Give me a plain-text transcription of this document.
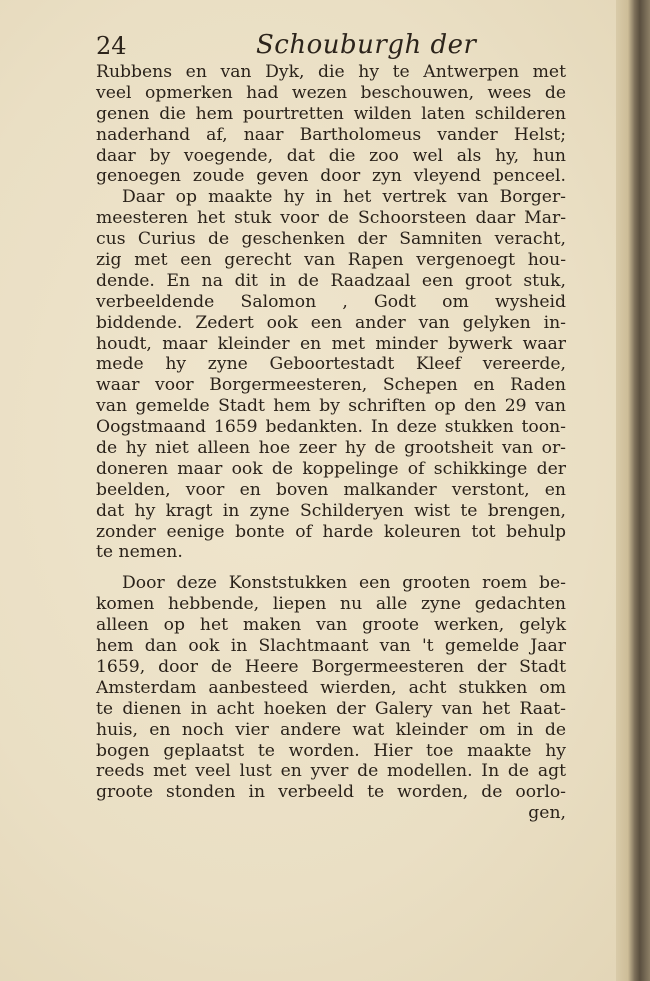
24	Schouburgh der
Rubbens en van Dyk, die hy te Antwerpen met
veel opmerken had wezen beschouwen, wees de
genen die hem pourtretten wilden laten schilderen
naderhand af, naar Bartholomeus vander Helst;
daar by voegende, dat die zoo wel als hy, hun
genoegen zoude geven door zyn vleyend penceel.
Daar op maakte hy in het vertrek van Borger-
meesteren het stuk voor de Schoorsteen daar Mar-
cus Curius de geschenken der Samniten veracht,
zig met een gerecht van Rapen vergenoegt hou-
dende. En na dit in de Raadzaal een groot stuk,
verbeeldende Salomon , Godt om wysheid
biddende. Zedert ook een ander van gelyken in-
houdt, maar kleinder en met minder bywerk waar
mede hy zyne Geboortestadt Kleef vereerde,
waar voor Borgermeesteren, Schepen en Raden
van gemelde Stadt hem by schriften op den 29 van
Oogstmaand 1659 bedankten. In deze stukken toon-
de hy niet alleen hoe zeer hy de grootsheit van or-
doneren maar ook de koppelinge of schikkinge der
beelden, voor en boven malkander verstont, en
dat hy kragt in zyne Schilderyen wist te brengen,
zonder eenige bonte of harde koleuren tot behulp
te nemen.
Door deze Konststukken een grooten roem be-
komen hebbende, liepen nu alle zyne gedachten
alleen op het maken van groote werken, gelyk
hem dan ook in Slachtmaant van 't gemelde Jaar
1659, door de Heere Borgermeesteren der Stadt
Amsterdam aanbesteed wierden, acht stukken om
te dienen in acht hoeken der Galery van het Raat-
huis, en noch vier andere wat kleinder om in de
bogen geplaatst te worden. Hier toe maakte hy
reeds met veel lust en yver de modellen. In de agt
groote stonden in verbeeld te worden, de oorlo-
gen,
